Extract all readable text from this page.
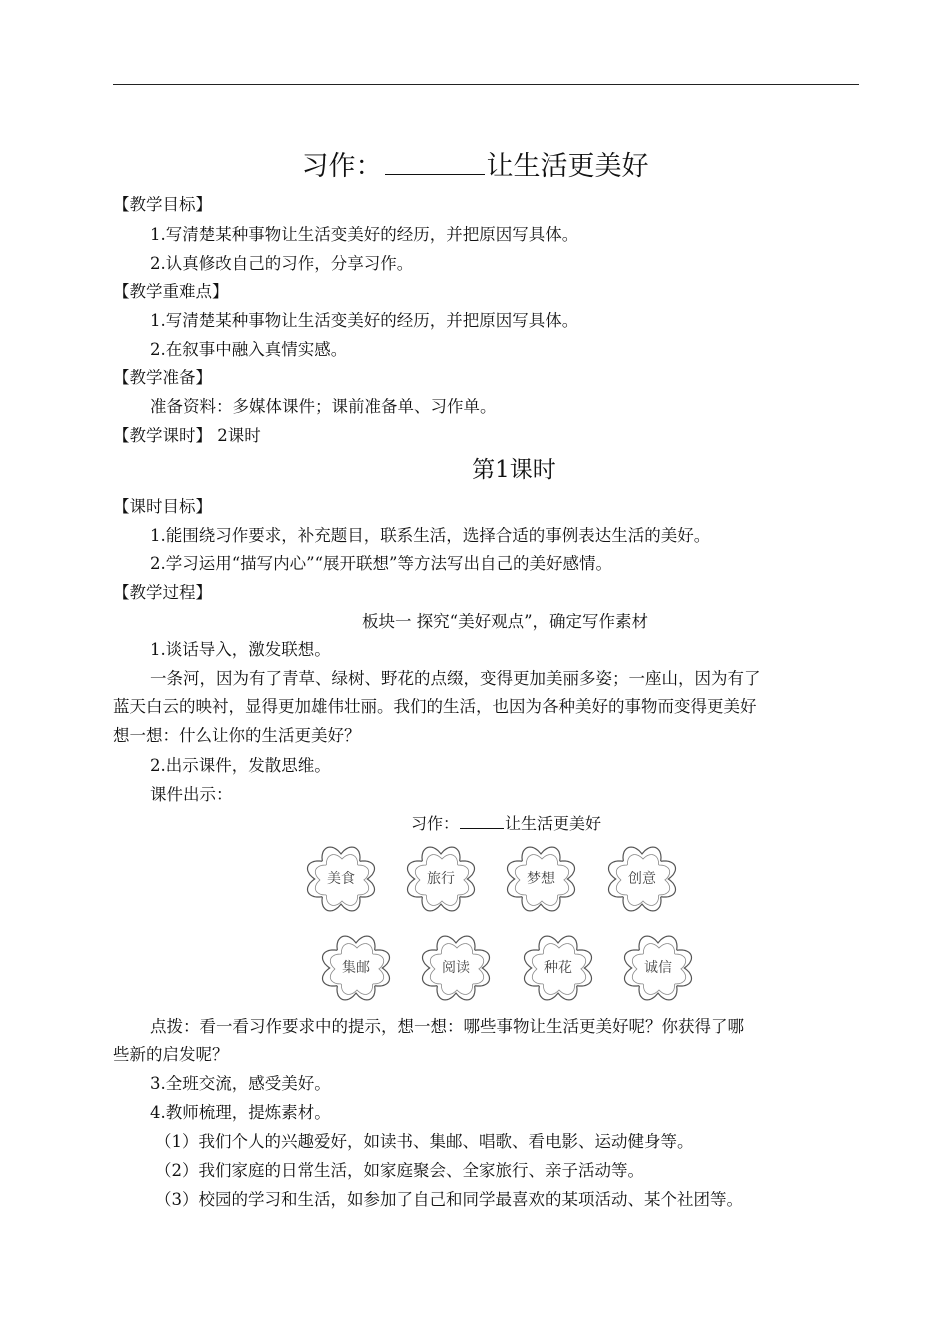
习作：	让生活更美好
【教学目标】
1.写清楚某种事物让生活变美好的经历，并把原因写具体。
2.认真修改自己的习作，分享习作。
【教学重难点】
1.写清楚某种事物让生活变美好的经历，并把原因写具体。
2.在叙事中融入真情实感。
【教学准备】
准备资料：多媒体课件；课前准备单、习作单。
【教学课时】 2课时
第1课时
【课时目标】
1.能围绕习作要求，补充题目，联系生活，选择合适的事例表达生活的美好。
2.学习运用“描写内心”“展开联想”等方法写出自己的美好感情。
【教学过程】
板块一 探究“美好观点”，确定写作素材
1.谈话导入，激发联想。
一条河，因为有了青草、绿树、野花的点缀，变得更加美丽多姿；一座山，因为有了
蓝天白云的映衬，显得更加雄伟壮丽。我们的生活，也因为各种美好的事物而变得更美好
想一想：什么让你的生活更美好？
2.出示课件，发散思维。
课件出示：
习作：	让生活更美好
美食	旅行	梦想	创意
集邮	阅读	种花	诚信
点拨：看一看习作要求中的提示，想一想：哪些事物让生活更美好呢？你获得了哪
些新的启发呢？
3.全班交流，感受美好。
4.教师梳理，提炼素材。
（1）我们个人的兴趣爱好，如读书、集邮、唱歌、看电影、运动健身等。
（2）我们家庭的日常生活，如家庭聚会、全家旅行、亲子活动等。
（3）校园的学习和生活，如参加了自己和同学最喜欢的某项活动、某个社团等。
